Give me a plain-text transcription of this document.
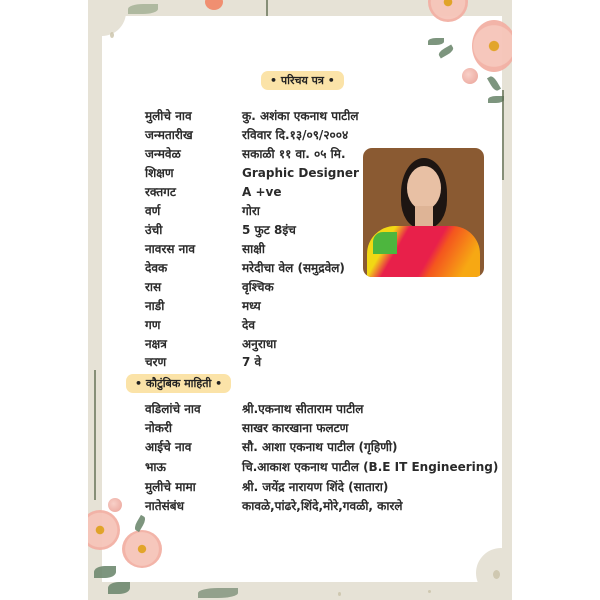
• परिचय पत्र •
मुलीचे नाव	कु. अशंका एकनाथ पाटील
जन्मतारीख	रविवार दि.१३/०९/२००४
जन्मवेळ	सकाळी ११ वा. ०५ मि.
शिक्षण	Graphic Designer
रक्तगट	A +ve
वर्ण	गोरा
उंची	5 फुट 8इंच
नावरस नाव	साक्षी
देवक	मरेदीचा वेल (समुद्रवेल)
रास	वृश्चिक
नाडी	मध्य
गण	देव
नक्षत्र	अनुराधा
चरण	7 वे
• कौटुंबिक माहिती •
वडिलांचे नाव	श्री.एकनाथ सीताराम पाटील
नोकरी	साखर कारखाना फलटण
आईचे नाव	सौ. आशा एकनाथ पाटील (गृहिणी)
भाऊ	चि.आकाश एकनाथ पाटील (B.E IT Engineering)
मुलीचे मामा	श्री. जयेंद्र नारायण शिंदे (सातारा)
नातेसंबंध	कावळे,पांढरे,शिंदे,मोरे,गवळी, कारले
